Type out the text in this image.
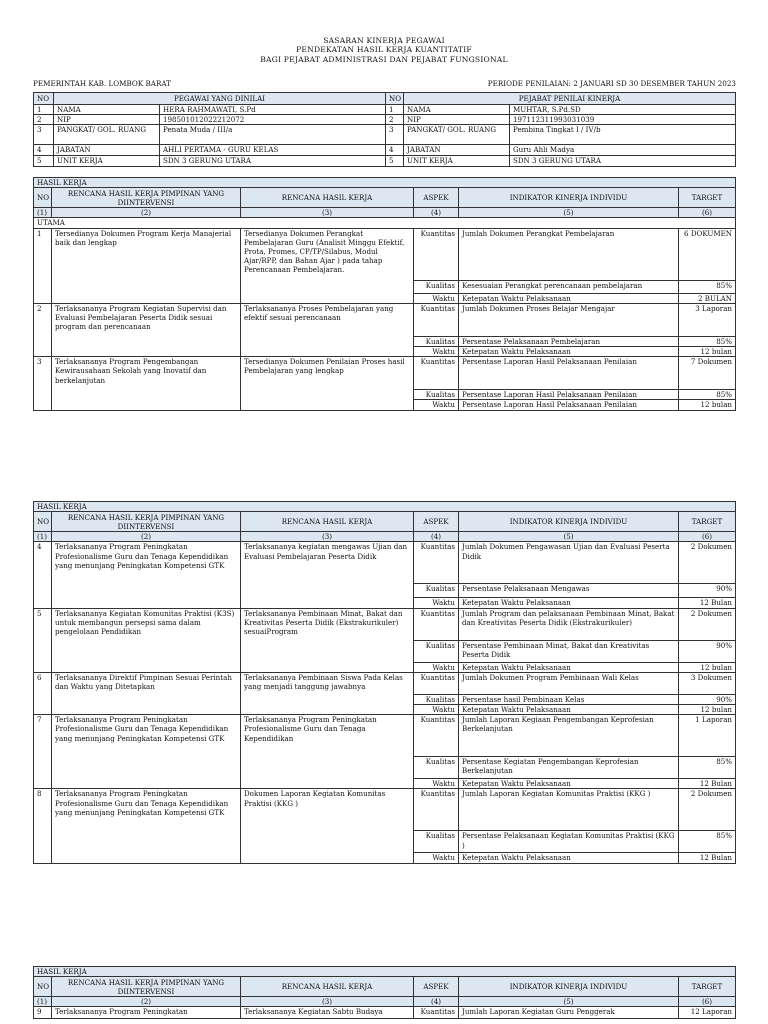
SASARAN KINERJA PEGAWAI
PENDEKATAN HASIL KERJA KUANTITATIF
BAGI PEJABAT ADMINISTRASI DAN PEJABAT FUNGSIONAL
PEMERINTAH KAB. LOMBOK BARAT	PERIODE PENILAIAN: 2 JANUARI SD 30 DESEMBER TAHUN 2023
NO	PEGAWAI YANG DINILAI		NO	PEJABAT PENILAI KINERJA	
1	NAMA	HERA RAHMAWATI, S.Pd	1	NAMA	MUHTAR, S.Pd.SD
2	NIP	198501012022212072	2	NIP	197112311993031039
3	PANGKAT/ GOL. RUANG	Penata Muda / III/a	3	PANGKAT/ GOL. RUANG	Pembina Tingkat I / IV/b
4	JABATAN	AHLI PERTAMA - GURU KELAS	4	JABATAN	Guru Ahli Madya
5	UNIT KERJA	SDN 3 GERUNG UTARA	5	UNIT KERJA	SDN 3 GERUNG UTARA
HASIL KERJA					
NO	RENCANA HASIL KERJA PIMPINAN YANG DIINTERVENSI	RENCANA HASIL KERJA	ASPEK	INDIKATOR KINERJA INDIVIDU	TARGET
(1)	(2)	(3)	(4)	(5)	(6)
UTAMA					
1	Tersedianya Dokumen Program Kerja Manajerial baik dan lengkap	Tersedianya Dokumen Perangkat Pembelajaran Guru (Analisit Minggu Efektif, Prota, Promes, CP/TP/Silabus, Modul Ajar/RPP, dan Bahan Ajar ) pada tahap Perencanaan Pembelajaran.	Kuantitas	Jumlah Dokumen Perangkat Pembelajaran	6 DOKUMEN
			Kualitas	Kesesuaian Perangkat perencanaan pembelajaran	85%
			Waktu	Ketepatan Waktu Pelaksanaan	2 BULAN
2	Terlaksananya Program Kegiatan Supervisi dan Evaluasi Pembelajaran Peserta Didik sesuai program dan perencanaan	Terlaksananya Proses Pembelajaran yang efektif sesuai perencanaan	Kuantitas	Jumlah Dokumen Proses Belajar Mengajar	3 Laporan
			Kualitas	Persentase Pelaksanaan Pembelajaran	85%
			Waktu	Ketepatan Waktu Pelaksanaan	12 bulan
3	Terlaksananya Program Pengembangan Kewirausahaan Sekolah yang Inovatif dan berkelanjutan	Tersedianya Dokumen Penilaian Proses hasil Pembelajaran yang lengkap	Kuantitas	Persentase Laporan Hasil Pelaksanaan Penilaian	7 Dokumen
			Kualitas	Persentase Laporan Hasil Pelaksanaan Penilaian	85%
			Waktu	Persentase Laporan Hasil Pelaksanaan Penilaian	12 bulan
HASIL KERJA					
NO	RENCANA HASIL KERJA PIMPINAN YANG DIINTERVENSI	RENCANA HASIL KERJA	ASPEK	INDIKATOR KINERJA INDIVIDU	TARGET
(1)	(2)	(3)	(4)	(5)	(6)
4	Terlaksananya Program Peningkatan Profesionalisme Guru dan Tenaga Kependidikan yang menunjang Peningkatan Kompetensi GTK	Terlaksananya kegiatan mengawas Ujian dan Evaluasi Pembelajaran Peserta Didik	Kuantitas	Jumlah Dokumen Pengawasan Ujian dan Evaluasi Peserta Didik	2 Dokumen
			Kualitas	Persentase Pelaksanaan Mengawas	90%
			Waktu	Ketepatan Waktu Pelaksanaan	12 Bulan
5	Terlaksananya Kegiatan Komunitas Praktisi (K3S) untuk membangun persepsi sama dalam pengelolaan Pendidikan	Terlaksananya Pembinaan Minat, Bakat dan Kreativitas Peserta Didik (Ekstrakurikuler) sesuaiProgram	Kuantitas	Jumlah Program dan pelaksanaan Pembinaan Minat, Bakat dan Kreativitas Peserta Didik (Ekstrakurikuler)	2 Dokumen
			Kualitas	Persentase Pembinaan Minat, Bakat dan Kreativitas Peserta Didik	90%
			Waktu	Ketepatan Waktu Pelaksanaan	12 bulan
6	Terlaksananya Direktif Pimpinan Sesuai Perintah dan Waktu yang Ditetapkan	Terlaksananya Pembinaan Siswa Pada Kelas yang menjadi tanggung jawabnya	Kuantitas	Jumlah Dokumen Program Pembinaan Wali Kelas	3 Dokumen
			Kualitas	Persentase hasil Pembinaan Kelas	90%
			Waktu	Ketepatan Waktu Pelaksanaan	12 bulan
7	Terlaksananya Program Peningkatan Profesionalisme Guru dan Tenaga Kependidikan yang menunjang Peningkatan Kompetensi GTK	Terlaksananya Program Peningkatan Profesionalisme Guru dan Tenaga Kependidikan	Kuantitas	Jumlah Laporan Kegiaan Pengembangan Keprofesian Berkelanjutan	1 Laporan
			Kualitas	Persentase Kegiatan Pengembangan Keprofesian Berkelanjutan	85%
			Waktu	Ketepatan Waktu Pelaksanaan	12 Bulan
8	Terlaksananya Program Peningkatan Profesionalisme Guru dan Tenaga Kependidikan yang menunjang Peningkatan Kompetensi GTK	Dokumen Laporan Kegiatan Komunitas Praktisi (KKG )	Kuantitas	Jumlah Laporan Kegiatan Komunitas Praktisi (KKG )	2 Dokumen
			Kualitas	Persentase Pelaksanaan Kegiatan Komunitas Praktisi (KKG )	85%
			Waktu	Ketepatan Waktu Pelaksanaan	12 Bulan
HASIL KERJA					
NO	RENCANA HASIL KERJA PIMPINAN YANG DIINTERVENSI	RENCANA HASIL KERJA	ASPEK	INDIKATOR KINERJA INDIVIDU	TARGET
(1)	(2)	(3)	(4)	(5)	(6)
9	Terlaksananya Program Peningkatan	Terlaksananya Kegiatan Sabtu Budaya	Kuantitas	Jumlah Laporan Kegiatan Guru Penggerak	12 Laporan
